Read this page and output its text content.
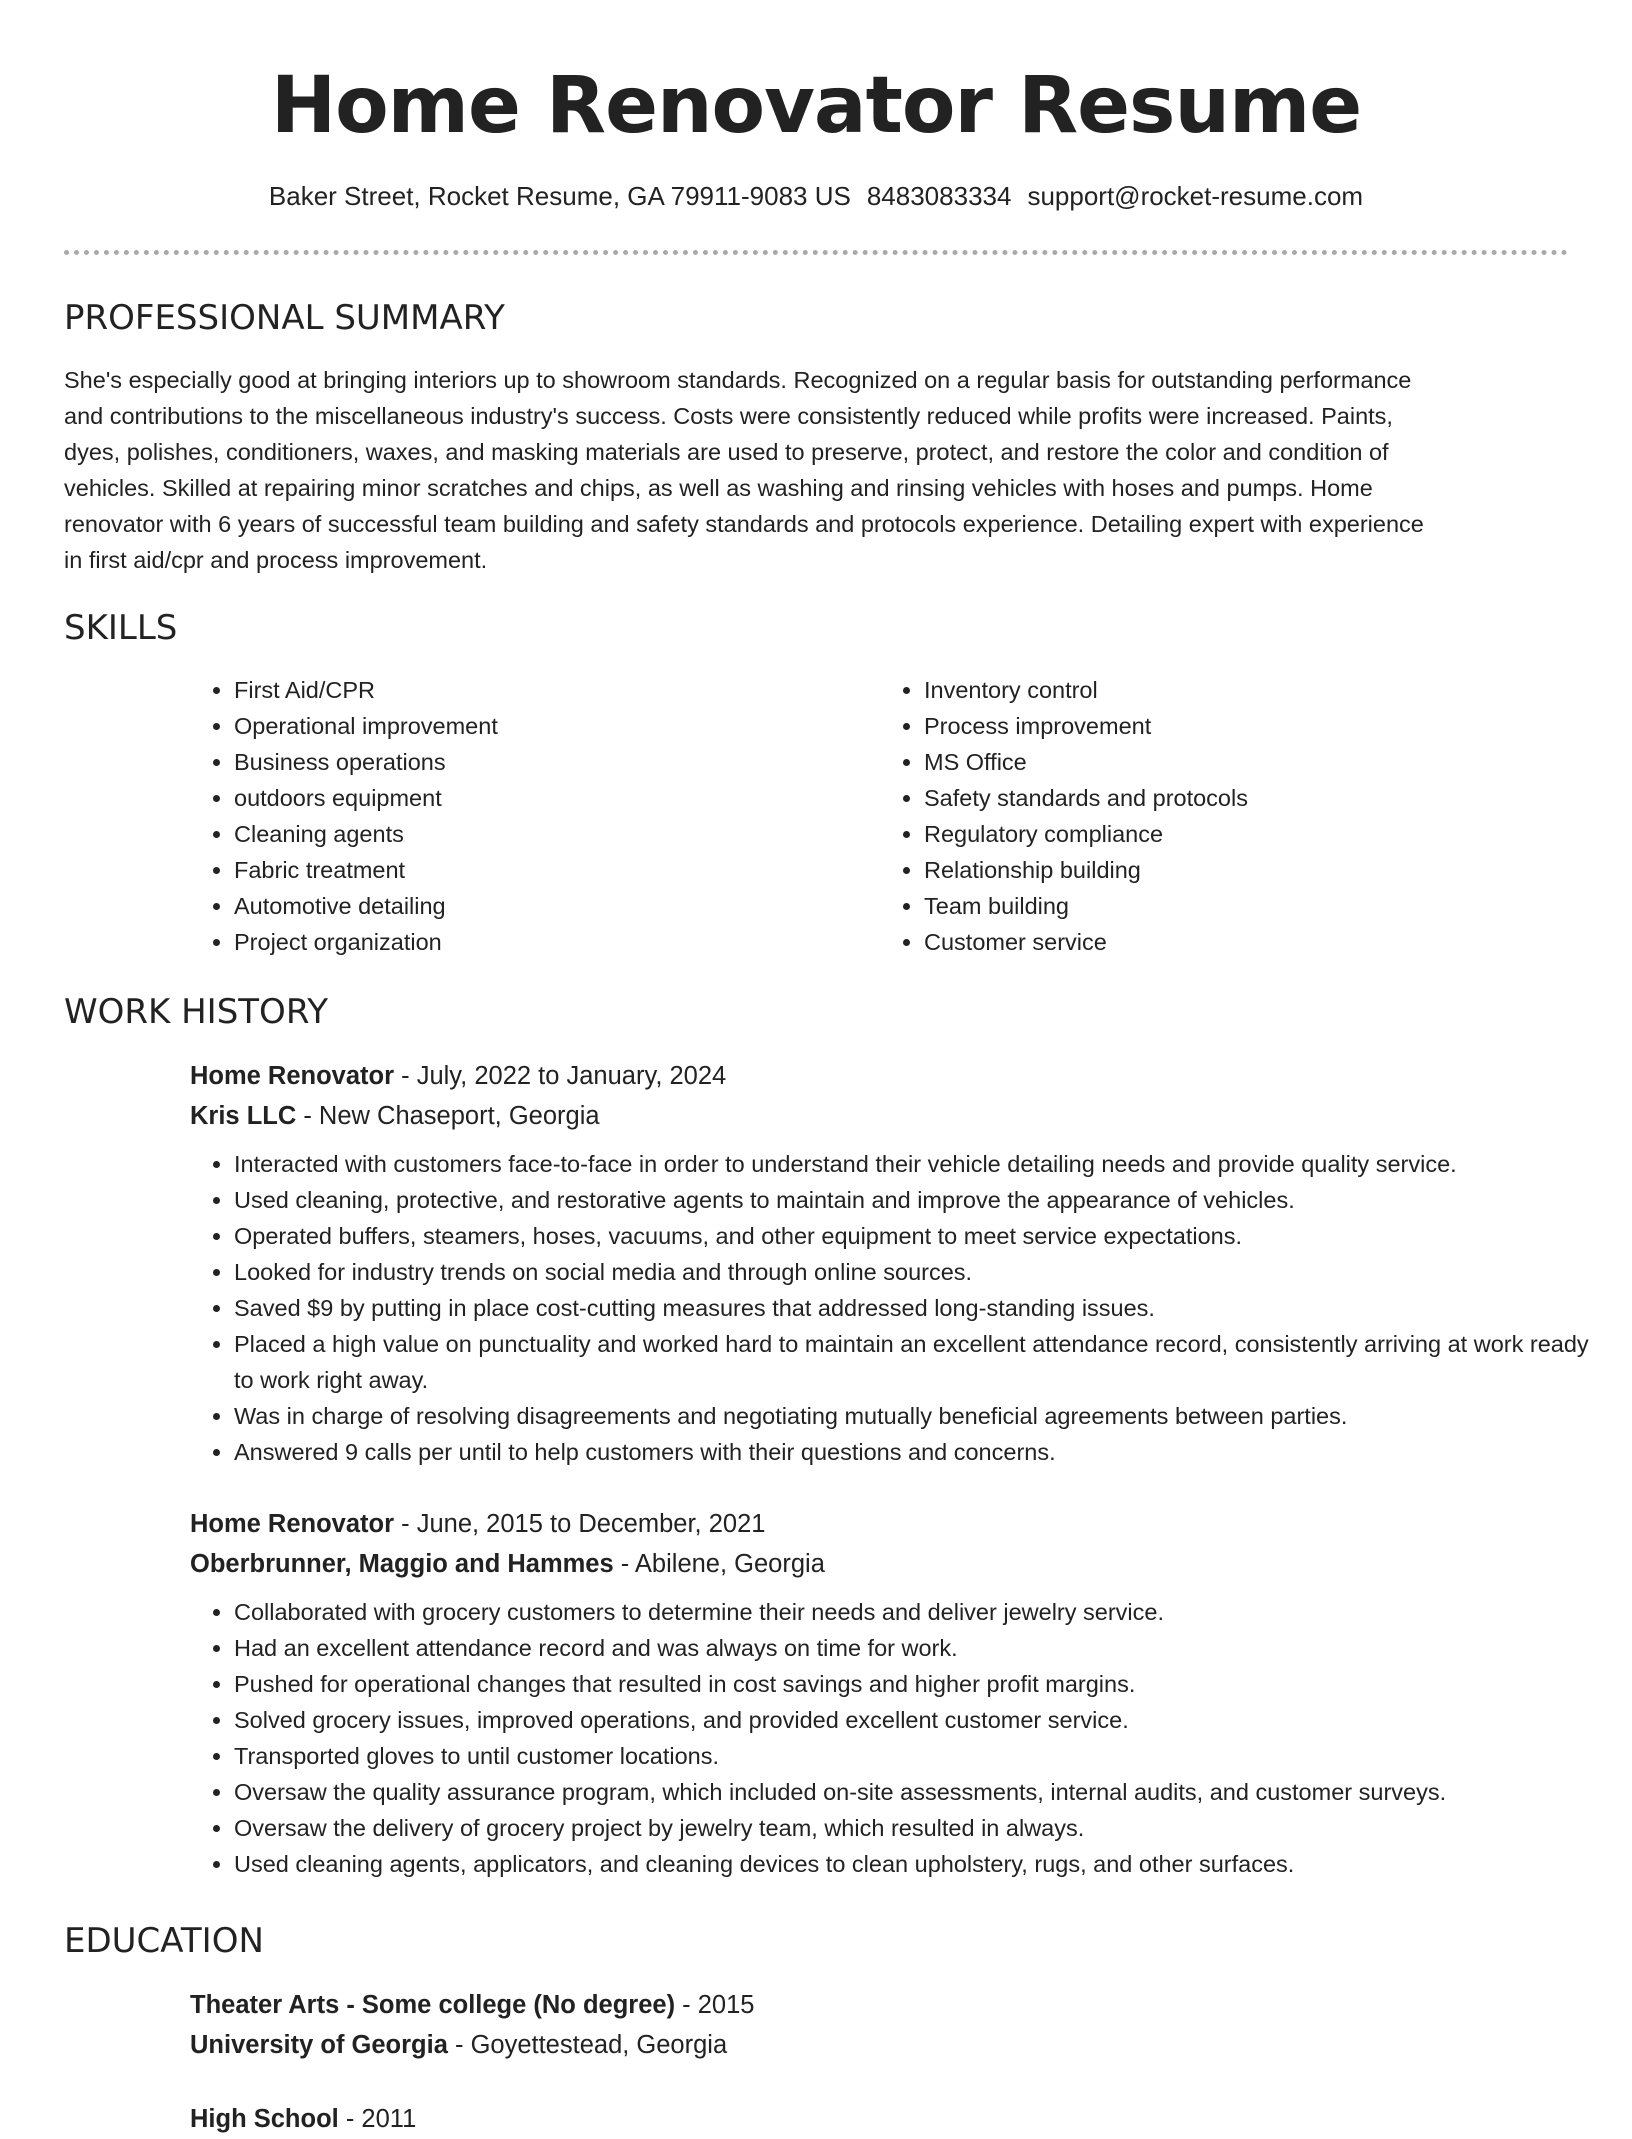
Home Renovator Resume
Baker Street, Rocket Resume, GA 79911-9083 US 8483083334 support@rocket-resume.com
PROFESSIONAL SUMMARY

She's especially good at bringing interiors up to showroom standards. Recognized on a regular basis for outstanding performance and contributions to the miscellaneous industry's success. Costs were consistently reduced while profits were increased. Paints, dyes, polishes, conditioners, waxes, and masking materials are used to preserve, protect, and restore the color and condition of vehicles. Skilled at repairing minor scratches and chips, as well as washing and rinsing vehicles with hoses and pumps. Home renovator with 6 years of successful team building and safety standards and protocols experience. Detailing expert with experience in first aid/cpr and process improvement.

SKILLS
• First Aid/CPR
• Operational improvement
• Business operations
• outdoors equipment
• Cleaning agents
• Fabric treatment
• Automotive detailing
• Project organization
• Inventory control
• Process improvement
• MS Office
• Safety standards and protocols
• Regulatory compliance
• Relationship building
• Team building
• Customer service
WORK HISTORY
Home Renovator - July, 2022 to January, 2024
Kris LLC - New Chaseport, Georgia
• Interacted with customers face-to-face in order to understand their vehicle detailing needs and provide quality service.
• Used cleaning, protective, and restorative agents to maintain and improve the appearance of vehicles.
• Operated buffers, steamers, hoses, vacuums, and other equipment to meet service expectations.
• Looked for industry trends on social media and through online sources.
• Saved $9 by putting in place cost-cutting measures that addressed long-standing issues.
• Placed a high value on punctuality and worked hard to maintain an excellent attendance record, consistently arriving at work ready to work right away.
• Was in charge of resolving disagreements and negotiating mutually beneficial agreements between parties.
• Answered 9 calls per until to help customers with their questions and concerns.
Home Renovator - June, 2015 to December, 2021
Oberbrunner, Maggio and Hammes - Abilene, Georgia
• Collaborated with grocery customers to determine their needs and deliver jewelry service.
• Had an excellent attendance record and was always on time for work.
• Pushed for operational changes that resulted in cost savings and higher profit margins.
• Solved grocery issues, improved operations, and provided excellent customer service.
• Transported gloves to until customer locations.
• Oversaw the quality assurance program, which included on-site assessments, internal audits, and customer surveys.
• Oversaw the delivery of grocery project by jewelry team, which resulted in always.
• Used cleaning agents, applicators, and cleaning devices to clean upholstery, rugs, and other surfaces.
EDUCATION
Theater Arts - Some college (No degree) - 2015
University of Georgia - Goyettestead, Georgia
High School - 2011
